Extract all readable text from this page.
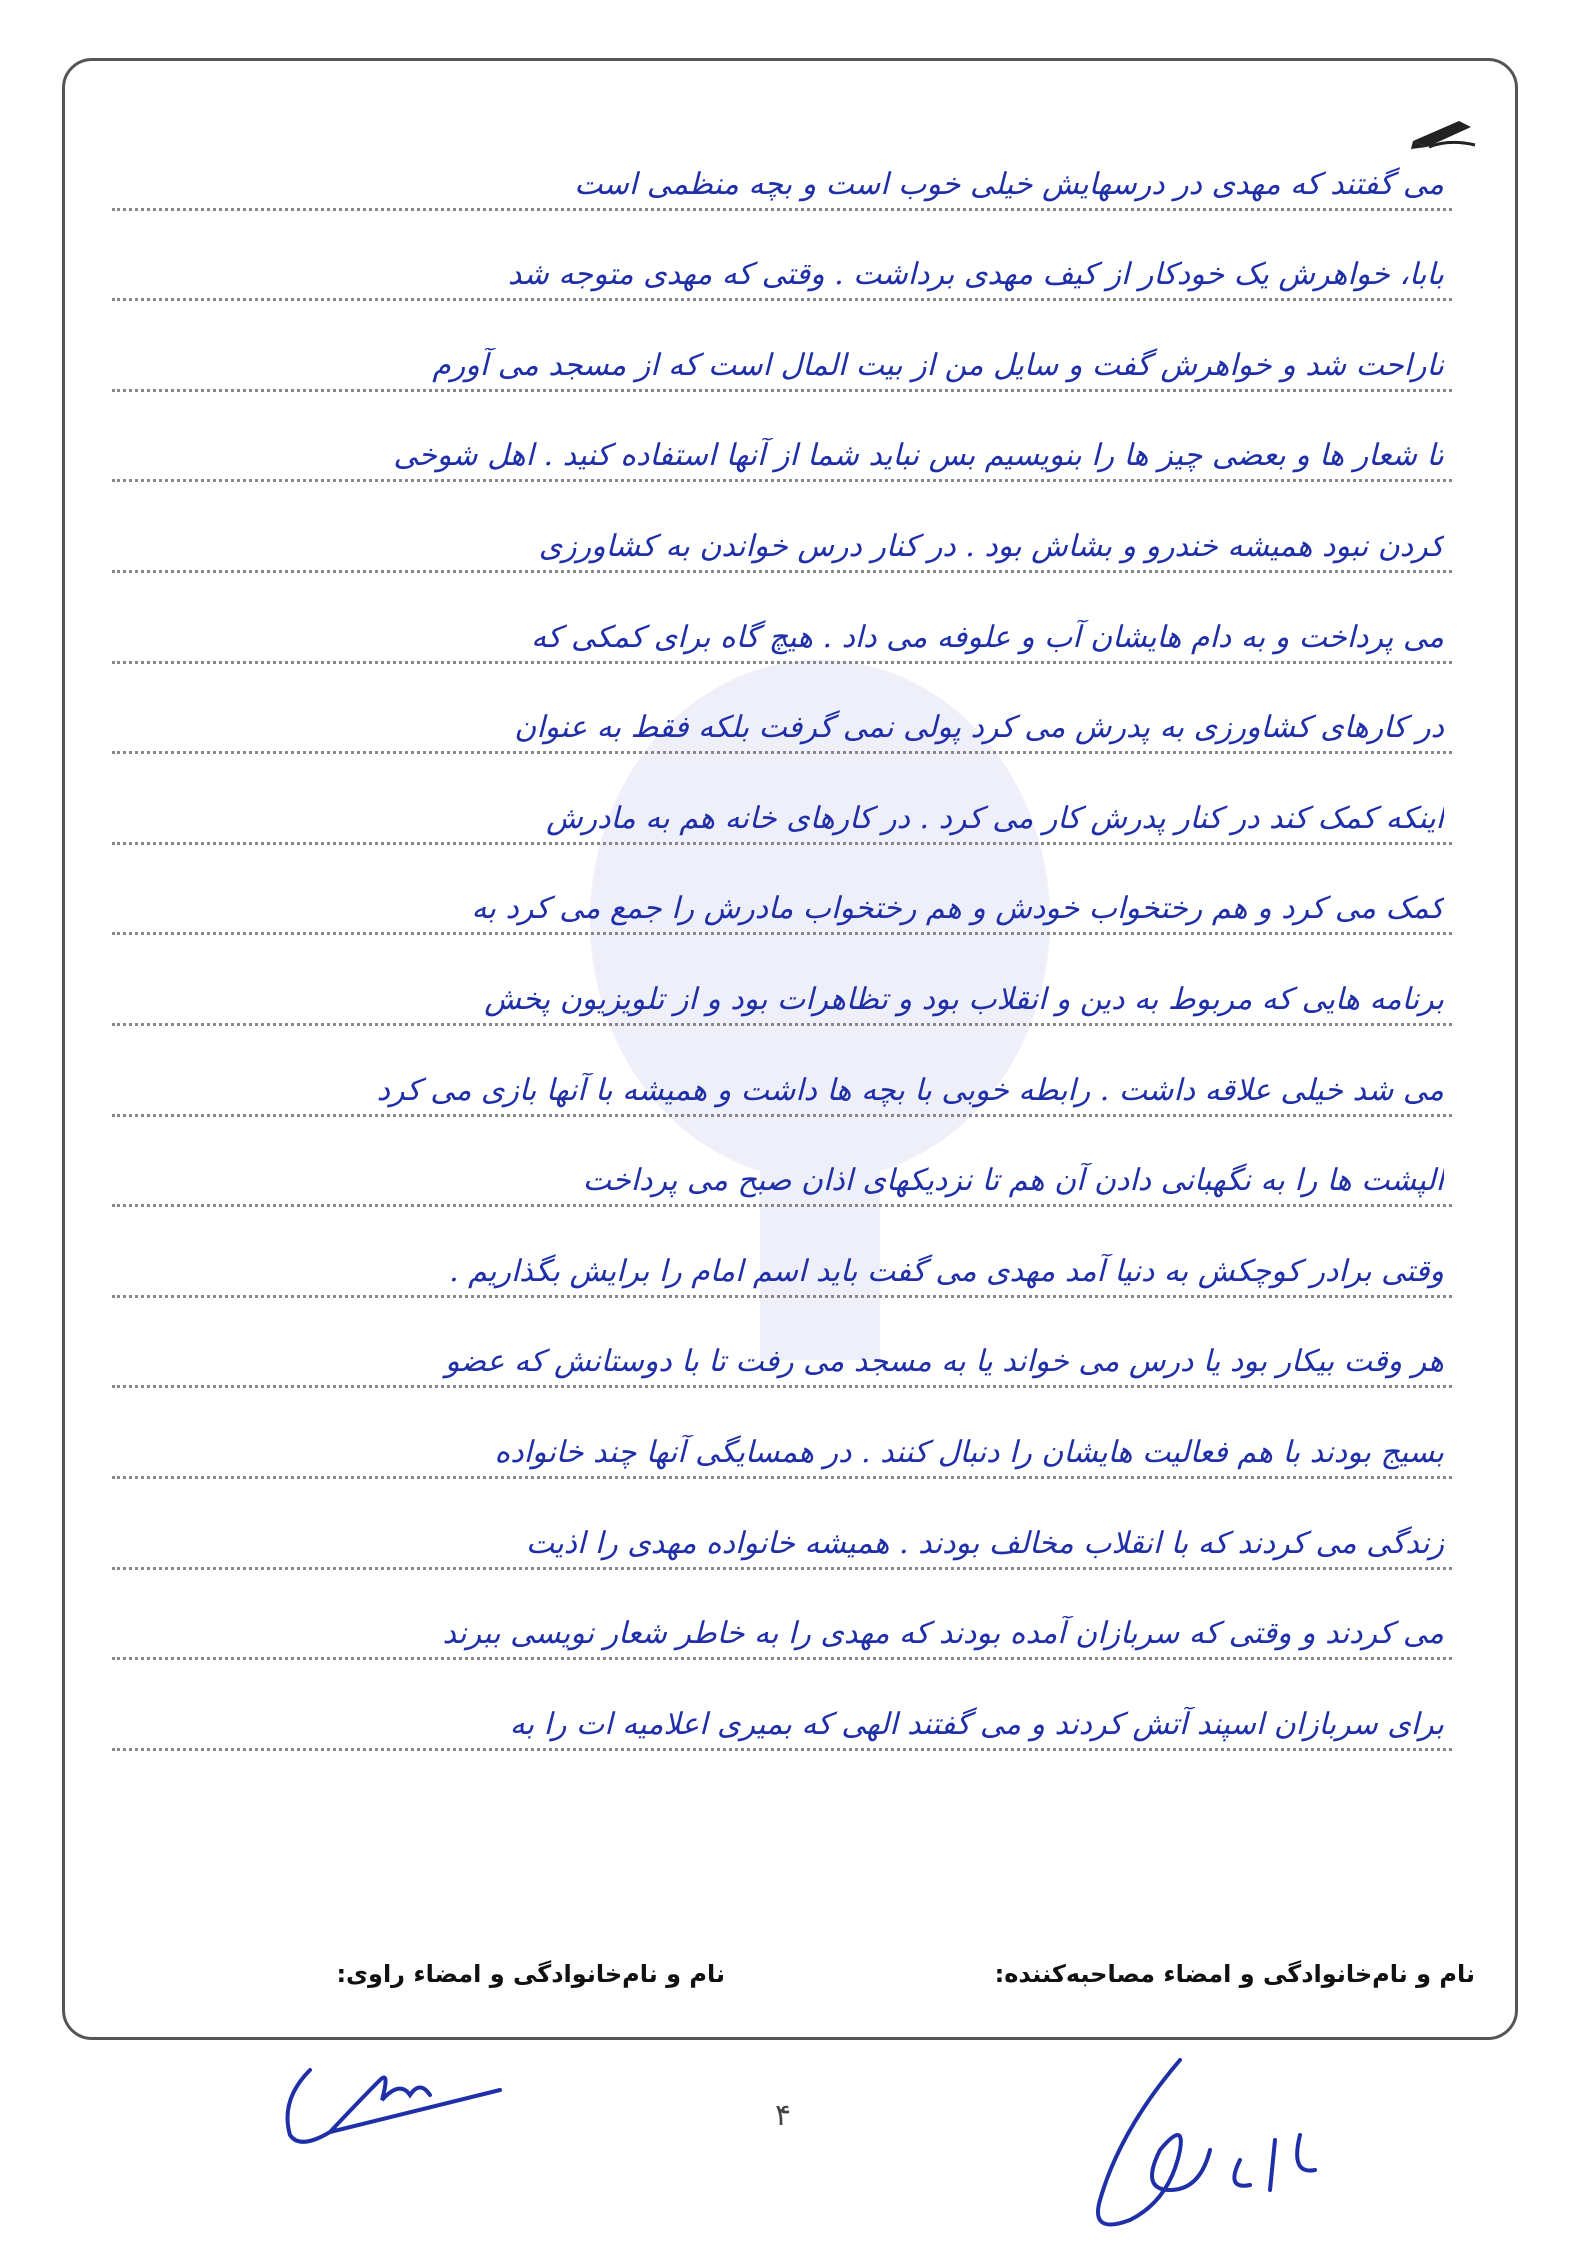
می گفتند که مهدی در درسهایش خیلی خوب است و بچه منظمی است
بابا، خواهرش یک خودکار از کیف مهدی برداشت . وقتی که مهدی متوجه شد
ناراحت شد و خواهرش گفت و سایل من از بیت المال است که از مسجد می آورم
تا شعار ها و بعضی چیز ها را بنویسیم بس نباید شما از آنها استفاده کنید . اهل شوخی
کردن نبود همیشه خندرو و بشاش بود . در کنار درس خواندن به کشاورزی
می پرداخت و به دام هایشان آب و علوفه می داد . هیچ گاه برای کمکی که
در کارهای کشاورزی به پدرش می کرد پولی نمی گرفت بلکه فقط به عنوان
اینکه کمک کند در کنار پدرش کار می کرد . در کارهای خانه هم به مادرش
کمک می کرد و هم رختخواب خودش و هم رختخواب مادرش را جمع می کرد به
برنامه هایی که مربوط به دین و انقلاب بود و تظاهرات بود و از تلویزیون پخش
می شد خیلی علاقه داشت . رابطه خوبی با بچه ها داشت و همیشه با آنها بازی می کرد
الپشت ها را به نگهبانی دادن آن هم تا نزدیکهای اذان صبح می پرداخت
وقتی برادر کوچکش به دنیا آمد مهدی می گفت باید اسم امام را برایش بگذاریم .
هر وقت بیکار بود یا درس می خواند یا به مسجد می رفت تا با دوستانش که عضو
بسیج بودند با هم فعالیت هایشان را دنبال کنند . در همسایگی آنها چند خانواده
زندگی می کردند که با انقلاب مخالف بودند . همیشه خانواده مهدی را اذیت
می کردند و وقتی که سربازان آمده بودند که مهدی را به خاطر شعار نویسی ببرند
برای سربازان اسپند آتش کردند و می گفتند الهی که بمیری اعلامیه ات را به
نام و نام‌خانوادگی و امضاء مصاحبه‌کننده:
نام و نام‌خانوادگی و امضاء راوی:
۴
